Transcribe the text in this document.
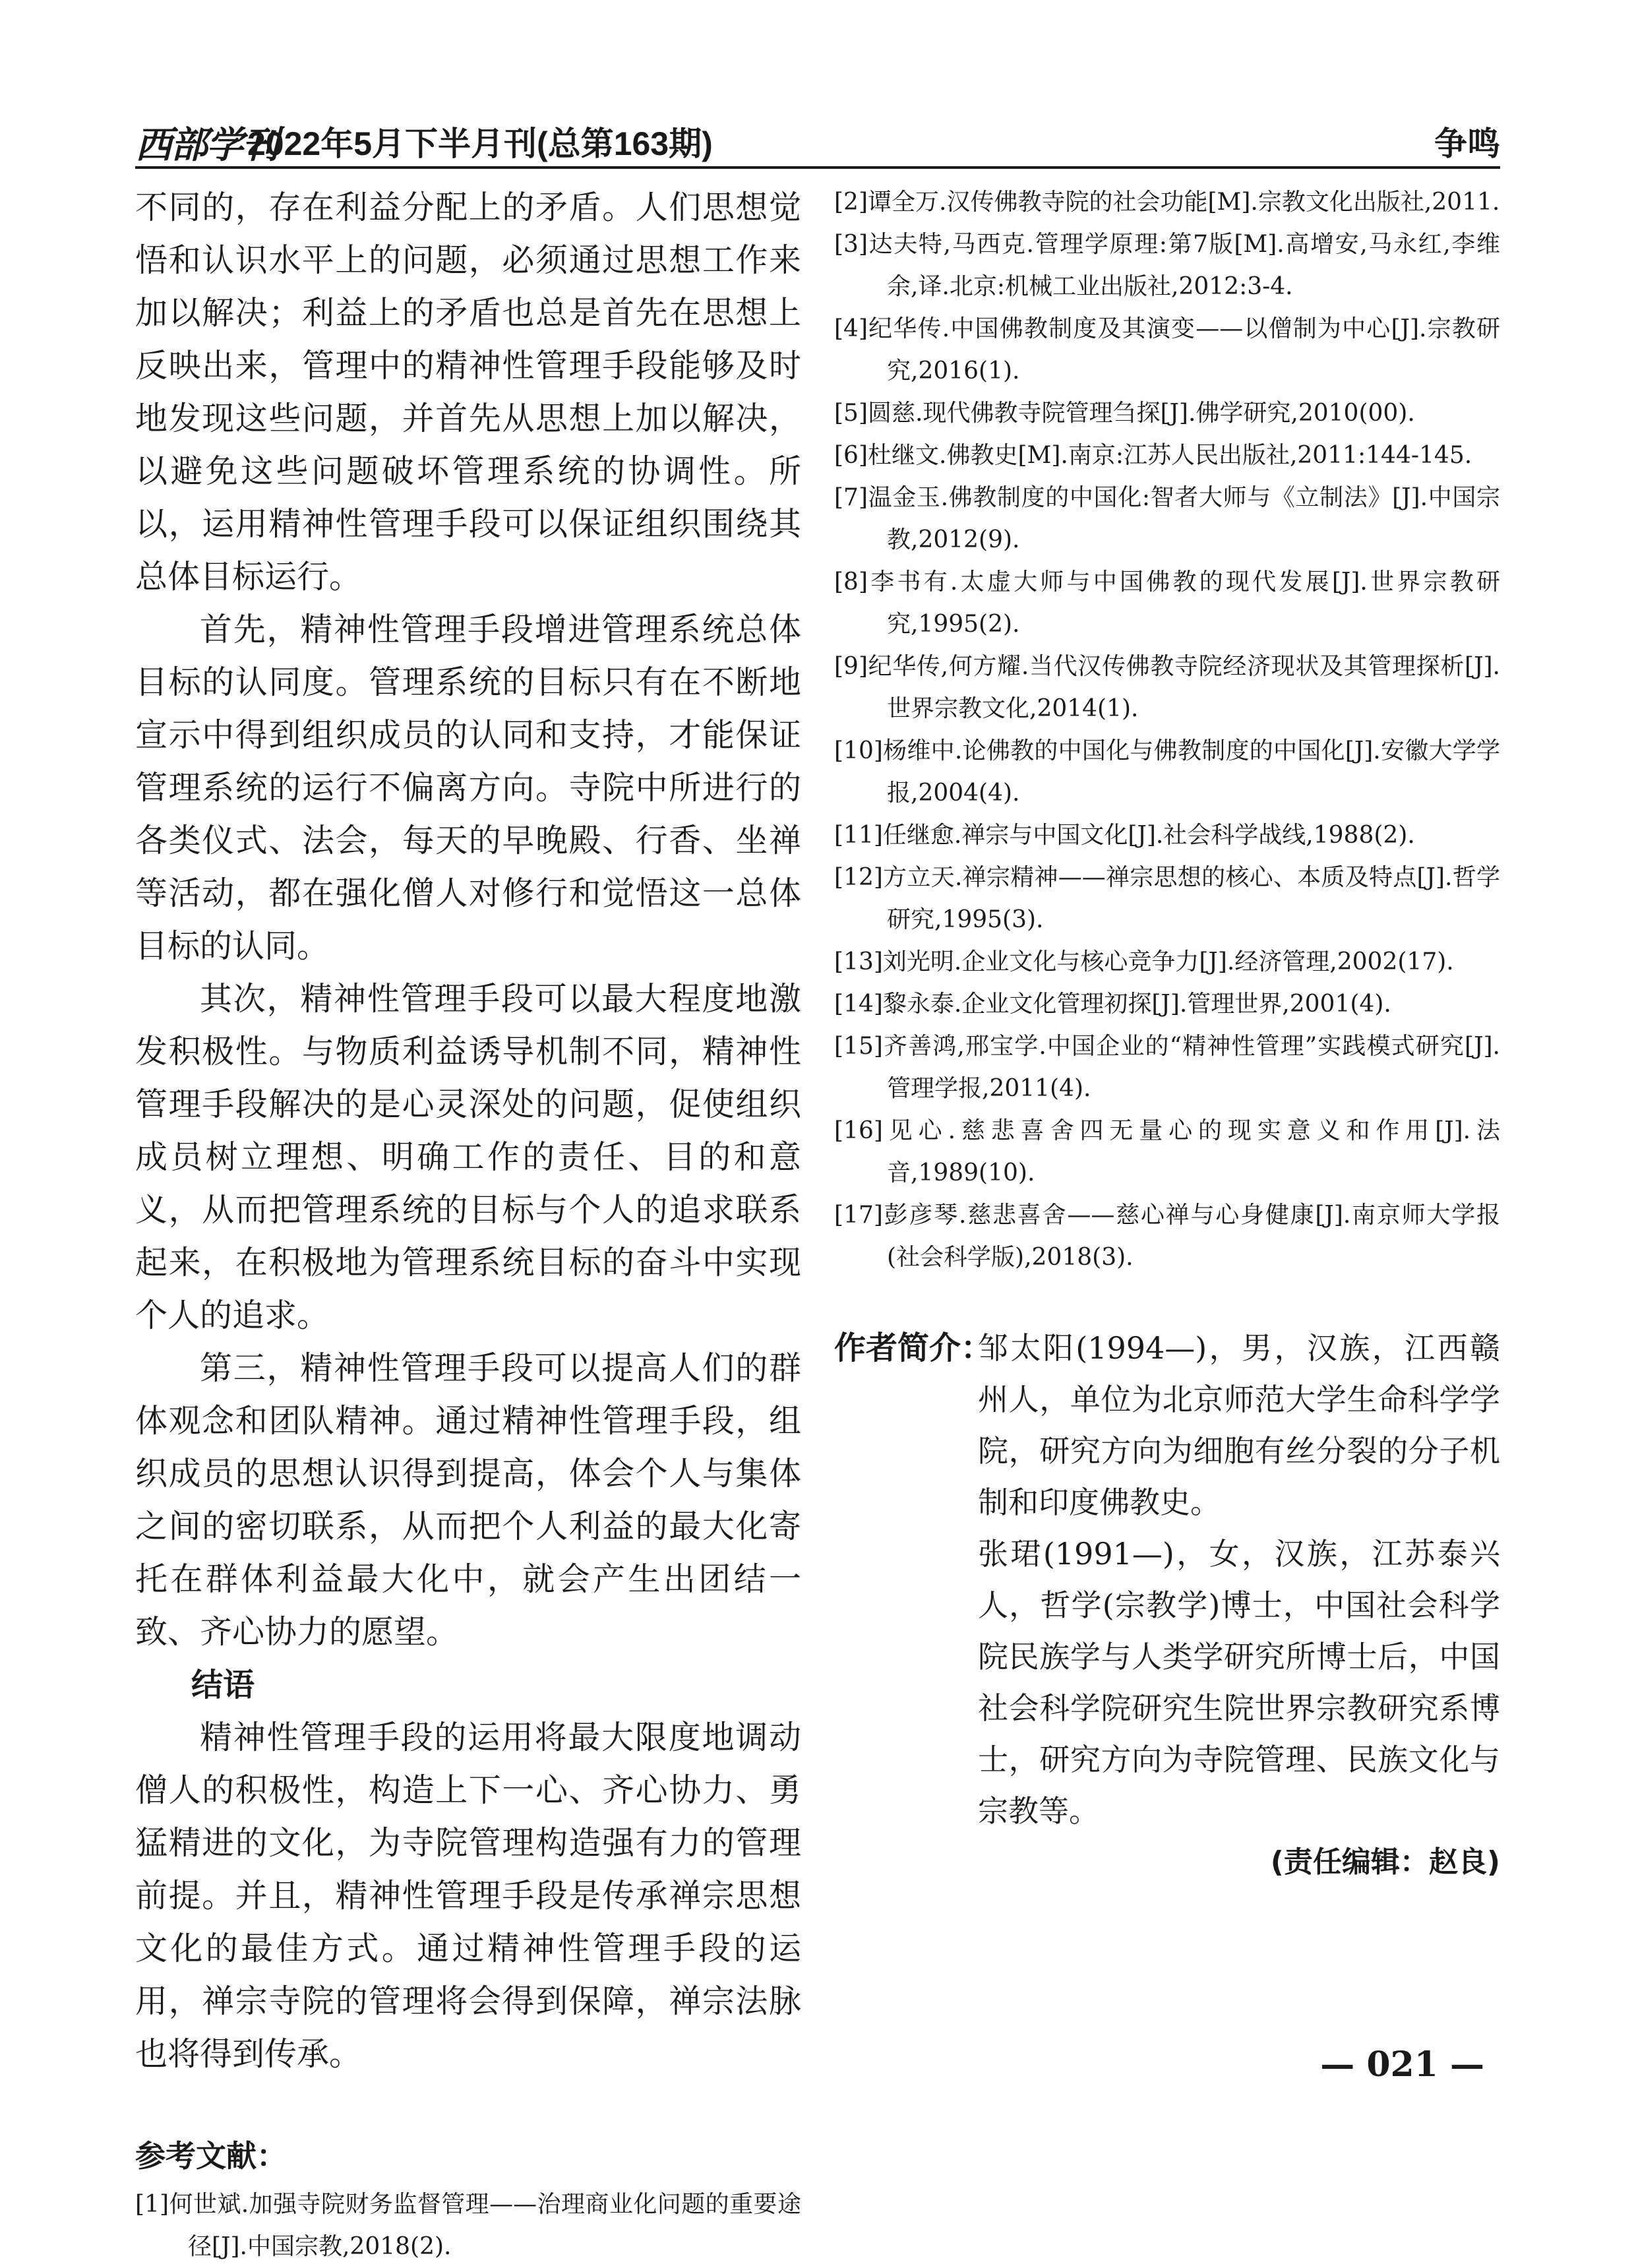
西部学刊
2022年5月下半月刊(总第163期)	争鸣

不同的，存在利益分配上的矛盾。人们思想觉悟和认识水平上的问题，必须通过思想工作来加以解决；利益上的矛盾也总是首先在思想上反映出来，管理中的精神性管理手段能够及时地发现这些问题，并首先从思想上加以解决，以避免这些问题破坏管理系统的协调性。所以，运用精神性管理手段可以保证组织围绕其总体目标运行。

首先，精神性管理手段增进管理系统总体目标的认同度。管理系统的目标只有在不断地宣示中得到组织成员的认同和支持，才能保证管理系统的运行不偏离方向。寺院中所进行的各类仪式、法会，每天的早晚殿、行香、坐禅等活动，都在强化僧人对修行和觉悟这一总体目标的认同。

其次，精神性管理手段可以最大程度地激发积极性。与物质利益诱导机制不同，精神性管理手段解决的是心灵深处的问题，促使组织成员树立理想、明确工作的责任、目的和意义，从而把管理系统的目标与个人的追求联系起来，在积极地为管理系统目标的奋斗中实现个人的追求。

第三，精神性管理手段可以提高人们的群体观念和团队精神。通过精神性管理手段，组织成员的思想认识得到提高，体会个人与集体之间的密切联系，从而把个人利益的最大化寄托在群体利益最大化中，就会产生出团结一致、齐心协力的愿望。

结语

精神性管理手段的运用将最大限度地调动僧人的积极性，构造上下一心、齐心协力、勇猛精进的文化，为寺院管理构造强有力的管理前提。并且，精神性管理手段是传承禅宗思想文化的最佳方式。通过精神性管理手段的运用，禅宗寺院的管理将会得到保障，禅宗法脉也将得到传承。

参考文献：

[1]何世斌.加强寺院财务监督管理——治理商业化问题的重要途径[J].中国宗教,2018(2).

[2]谭全万.汉传佛教寺院的社会功能[M].宗教文化出版社,2011.

[3]达夫特,马西克.管理学原理:第7版[M].高增安,马永红,李维余,译.北京:机械工业出版社,2012:3-4.

[4]纪华传.中国佛教制度及其演变——以僧制为中心[J].宗教研究,2016(1).

[5]圆慈.现代佛教寺院管理刍探[J].佛学研究,2010(00).

[6]杜继文.佛教史[M].南京:江苏人民出版社,2011:144-145.

[7]温金玉.佛教制度的中国化:智者大师与《立制法》[J].中国宗教,2012(9).

[8]李书有.太虚大师与中国佛教的现代发展[J].世界宗教研究,1995(2).

[9]纪华传,何方耀.当代汉传佛教寺院经济现状及其管理探析[J].世界宗教文化,2014(1).

[10]杨维中.论佛教的中国化与佛教制度的中国化[J].安徽大学学报,2004(4).

[11]任继愈.禅宗与中国文化[J].社会科学战线,1988(2).

[12]方立天.禅宗精神——禅宗思想的核心、本质及特点[J].哲学研究,1995(3).

[13]刘光明.企业文化与核心竞争力[J].经济管理,2002(17).

[14]黎永泰.企业文化管理初探[J].管理世界,2001(4).

[15]齐善鸿,邢宝学.中国企业的“精神性管理”实践模式研究[J].管理学报,2011(4).

[16]见心.慈悲喜舍四无量心的现实意义和作用[J].法音,1989(10).

[17]彭彦琴.慈悲喜舍——慈心禅与心身健康[J].南京师大学报(社会科学版),2018(3).

作者简介：

邹太阳(1994—)，男，汉族，江西赣州人，单位为北京师范大学生命科学学院，研究方向为细胞有丝分裂的分子机制和印度佛教史。

张珺(1991—)，女，汉族，江苏泰兴人，哲学(宗教学)博士，中国社会科学院民族学与人类学研究所博士后，中国社会科学院研究生院世界宗教研究系博士，研究方向为寺院管理、民族文化与宗教等。

(责任编辑：赵良)
— 021 —
